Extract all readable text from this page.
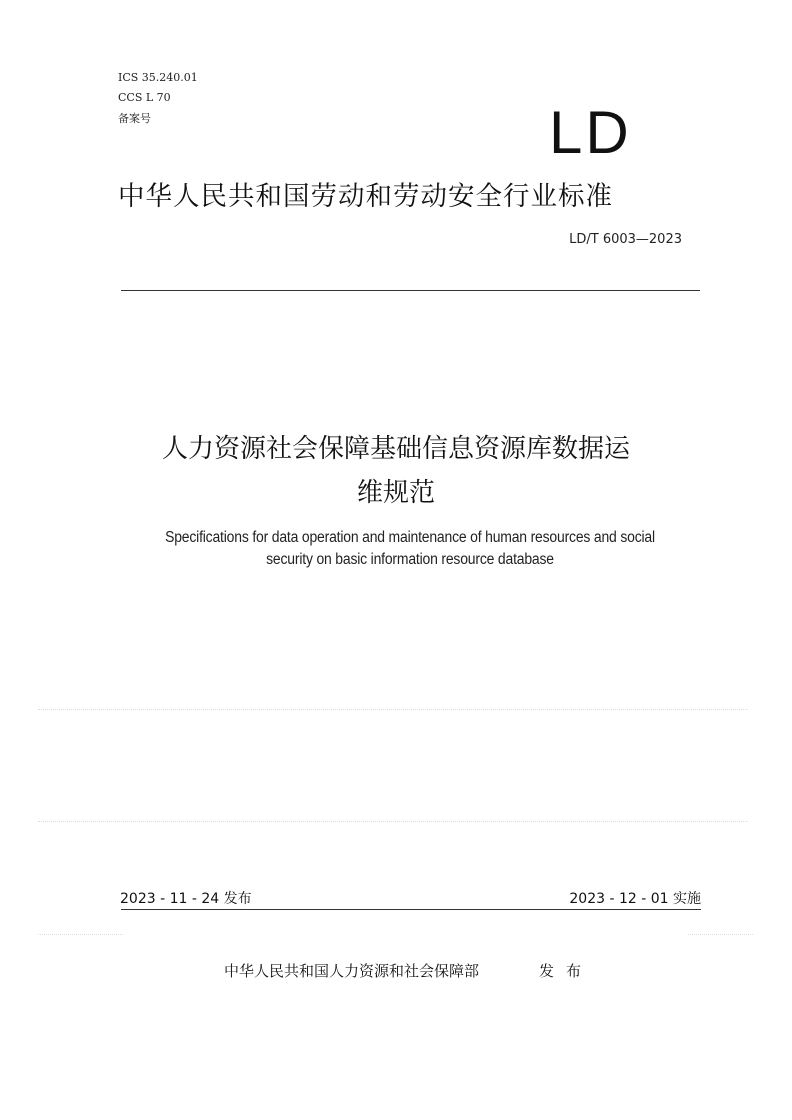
ICS 35.240.01
CCS L 70
备案号	LD
中华人民共和国劳动和劳动安全行业标准
LD/T 6003—2023
人力资源社会保障基础信息资源库数据运
维规范
Specifications for data operation and maintenance of human resources and social
security on basic information resource database
2023 - 11 - 24 发布	2023 - 12 - 01 实施
中华人民共和国人力资源和社会保障部	发布
